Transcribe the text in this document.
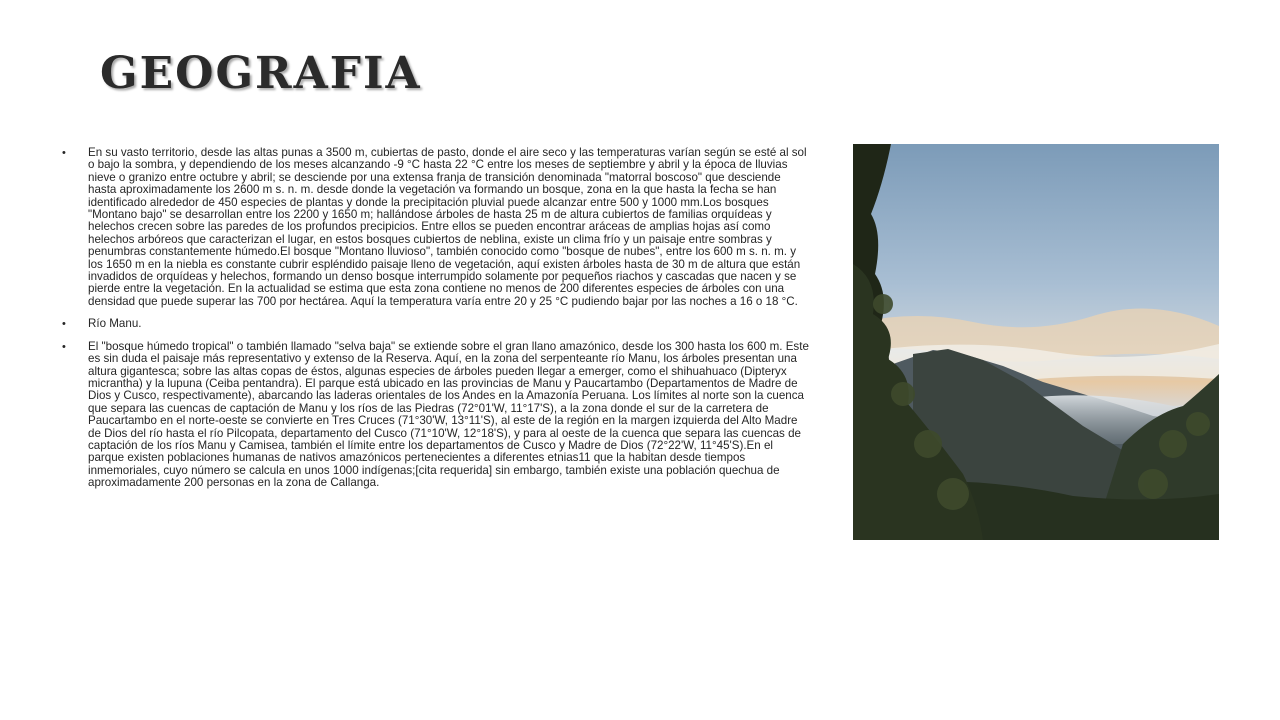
GEOGRAFIA
• En su vasto territorio, desde las altas punas a 3500 m, cubiertas de pasto, donde el aire seco y las temperaturas varían según se esté al sol o bajo la sombra, y dependiendo de los meses alcanzando -9 °C hasta 22 °C entre los meses de septiembre y abril y la época de lluvias nieve o granizo entre octubre y abril; se desciende por una extensa franja de transición denominada "matorral boscoso" que desciende hasta aproximadamente los 2600 m s. n. m. desde donde la vegetación va formando un bosque, zona en la que hasta la fecha se han identificado alrededor de 450 especies de plantas y donde la precipitación pluvial puede alcanzar entre 500 y 1000 mm.Los bosques "Montano bajo" se desarrollan entre los 2200 y 1650 m; hallándose árboles de hasta 25 m de altura cubiertos de familias orquídeas y helechos crecen sobre las paredes de los profundos precipicios. Entre ellos se pueden encontrar aráceas de amplias hojas así como helechos arbóreos que caracterizan el lugar, en estos bosques cubiertos de neblina, existe un clima frío y un paisaje entre sombras y penumbras constantemente húmedo.El bosque "Montano lluvioso", también conocido como "bosque de nubes", entre los 600 m s. n. m. y los 1650 m en la niebla es constante cubrir espléndido paisaje lleno de vegetación, aquí existen árboles hasta de 30 m de altura que están invadidos de orquídeas y helechos, formando un denso bosque interrumpido solamente por pequeños riachos y cascadas que nacen y se pierde entre la vegetación. En la actualidad se estima que esta zona contiene no menos de 200 diferentes especies de árboles con una densidad que puede superar las 700 por hectárea. Aquí la temperatura varía entre 20 y 25 °C pudiendo bajar por las noches a 16 o 18 °C.
• Río Manu.
• El "bosque húmedo tropical" o también llamado "selva baja" se extiende sobre el gran llano amazónico, desde los 300 hasta los 600 m. Este es sin duda el paisaje más representativo y extenso de la Reserva. Aquí, en la zona del serpenteante río Manu, los árboles presentan una altura gigantesca; sobre las altas copas de éstos, algunas especies de árboles pueden llegar a emerger, como el shihuahuaco (Dipteryx micrantha) y la lupuna (Ceiba pentandra). El parque está ubicado en las provincias de Manu y Paucartambo (Departamentos de Madre de Dios y Cusco, respectivamente), abarcando las laderas orientales de los Andes en la Amazonía Peruana. Los límites al norte son la cuenca que separa las cuencas de captación de Manu y los ríos de las Piedras (72°01'W, 11°17'S), a la zona donde el sur de la carretera de Paucartambo en el norte-oeste se convierte en Tres Cruces (71°30'W, 13°11'S), al este de la región en la margen izquierda del Alto Madre de Dios del río hasta el río Pilcopata, departamento del Cusco (71°10'W, 12°18'S), y para al oeste de la cuenca que separa las cuencas de captación de los ríos Manu y Camisea, también el límite entre los departamentos de Cusco y Madre de Dios (72°22'W, 11°45'S).En el parque existen poblaciones humanas de nativos amazónicos pertenecientes a diferentes etnias11 que la habitan desde tiempos inmemoriales, cuyo número se calcula en unos 1000 indígenas;[cita requerida] sin embargo, también existe una población quechua de aproximadamente 200 personas en la zona de Callanga.
